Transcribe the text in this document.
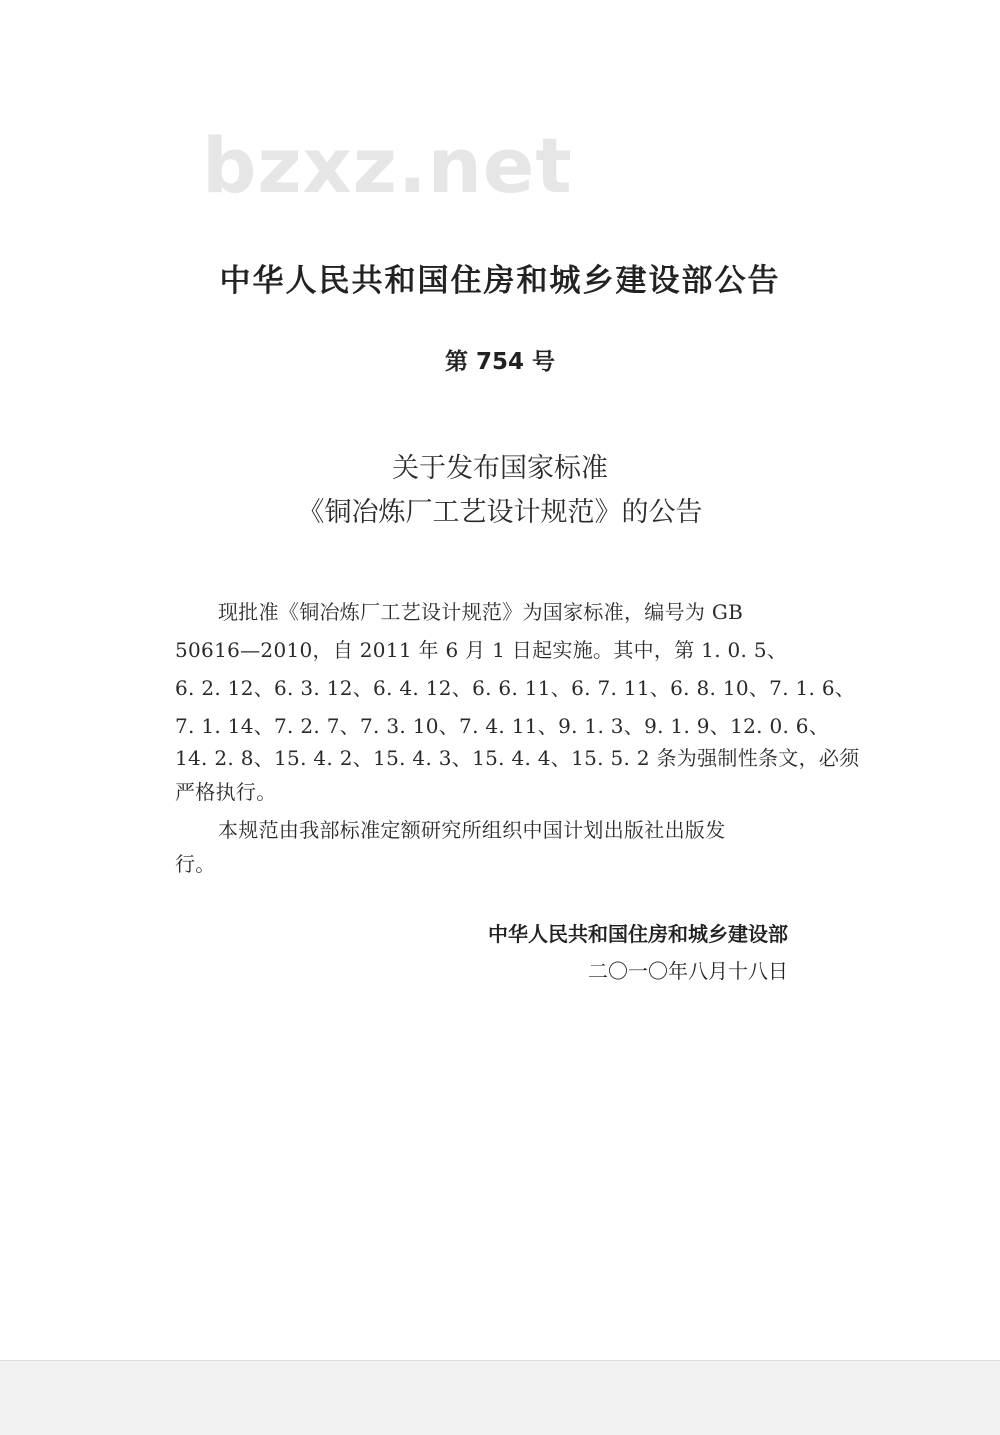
bzxz.net
中华人民共和国住房和城乡建设部公告
第 754 号
关于发布国家标准
《铜冶炼厂工艺设计规范》的公告
现批准《铜冶炼厂工艺设计规范》为国家标准，编号为 GB
50616—2010，自 2011 年 6 月 1 日起实施。其中，第 1. 0. 5、
6. 2. 12、6. 3. 12、6. 4. 12、6. 6. 11、6. 7. 11、6. 8. 10、7. 1. 6、
7. 1. 14、7. 2. 7、7. 3. 10、7. 4. 11、9. 1. 3、9. 1. 9、12. 0. 6、
14. 2. 8、15. 4. 2、15. 4. 3、15. 4. 4、15. 5. 2 条为强制性条文，必须
严格执行。
本规范由我部标准定额研究所组织中国计划出版社出版发
行。
中华人民共和国住房和城乡建设部
二〇一〇年八月十八日
